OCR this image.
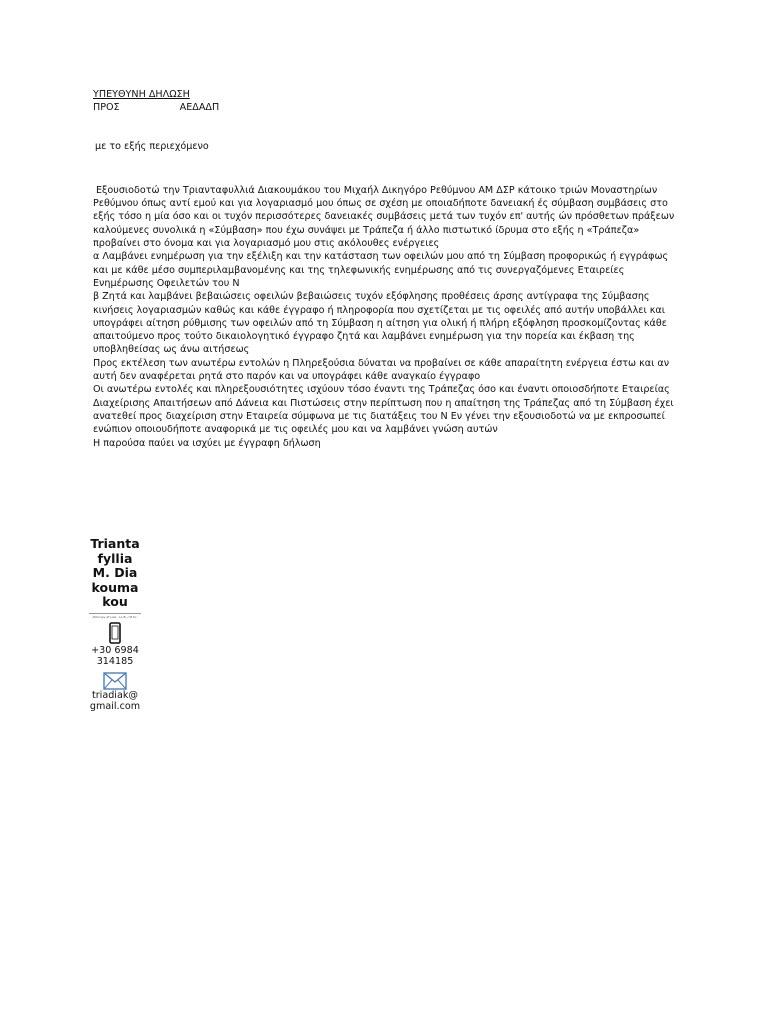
ΥΠΕΥΘΥΝΗ ΔΗΛΩΣΗ

ΠΡΟΣ	ΑΕΔΑΔΠ

με το εξής περιεχόμενο

Εξουσιοδοτώ την Τριανταφυλλιά Διακουμάκου του Μιχαήλ Δικηγόρο Ρεθύμνου ΑΜ ΔΣΡ κάτοικο τριών Μοναστηρίων Ρεθύμνου όπως αντί εμού και για λογαριασμό μου όπως σε σχέση με οποιαδήποτε δανειακή ές σύμβαση συμβάσεις στο εξής τόσο η μία όσο και οι τυχόν περισσότερες δανειακές συμβάσεις μετά των τυχόν επ' αυτής ών πρόσθετων πράξεων καλούμενες συνολικά η «Σύμβαση» που έχω συνάψει με Τράπεζα ή άλλο πιστωτικό ίδρυμα στο εξής η «Τράπεζα» προβαίνει στο όνομα και για λογαριασμό μου στις ακόλουθες ενέργειες

α Λαμβάνει ενημέρωση για την εξέλιξη και την κατάσταση των οφειλών μου από τη Σύμβαση προφορικώς ή εγγράφως και με κάθε μέσο συμπεριλαμβανομένης και της τηλεφωνικής ενημέρωσης από τις συνεργαζόμενες Εταιρείες Ενημέρωσης Οφειλετών του Ν

β Ζητά και λαμβάνει βεβαιώσεις οφειλών βεβαιώσεις τυχόν εξόφλησης προθέσεις άρσης αντίγραφα της Σύμβασης κινήσεις λογαριασμών καθώς και κάθε έγγραφο ή πληροφορία που σχετίζεται με τις οφειλές από αυτήν υποβάλλει και υπογράφει αίτηση ρύθμισης των οφειλών από τη Σύμβαση η αίτηση για ολική ή πλήρη εξόφληση προσκομίζοντας κάθε απαιτούμενο προς τούτο δικαιολογητικό έγγραφο ζητά και λαμβάνει ενημέρωση για την πορεία και έκβαση της υποβληθείσας ως άνω αιτήσεως

Προς εκτέλεση των ανωτέρω εντολών η Πληρεξούσια δύναται να προβαίνει σε κάθε απαραίτητη ενέργεια έστω και αν αυτή δεν αναφέρεται ρητά στο παρόν και να υπογράφει κάθε αναγκαίο έγγραφο

Οι ανωτέρω εντολές και πληρεξουσιότητες ισχύουν τόσο έναντι της Τράπεζας όσο και έναντι οποιοσδήποτε Εταιρείας Διαχείρισης Απαιτήσεων από Δάνεια και Πιστώσεις στην περίπτωση που η απαίτηση της Τράπεζας από τη Σύμβαση έχει ανατεθεί προς διαχείριση στην Εταιρεία σύμφωνα με τις διατάξεις του Ν Εν γένει την εξουσιοδοτώ να με εκπροσωπεί ενώπιον οποιουδήποτε αναφορικά με τις οφειλές μου και να λαμβάνει γνώση αυτών

Η παρούσα παύει να ισχύει με έγγραφη δήλωση

Triantafyllia M. Diakoumakou

Attorney at Law - LL.B. / M.Sc.

+30 6984314185

triadiak@gmail.com
